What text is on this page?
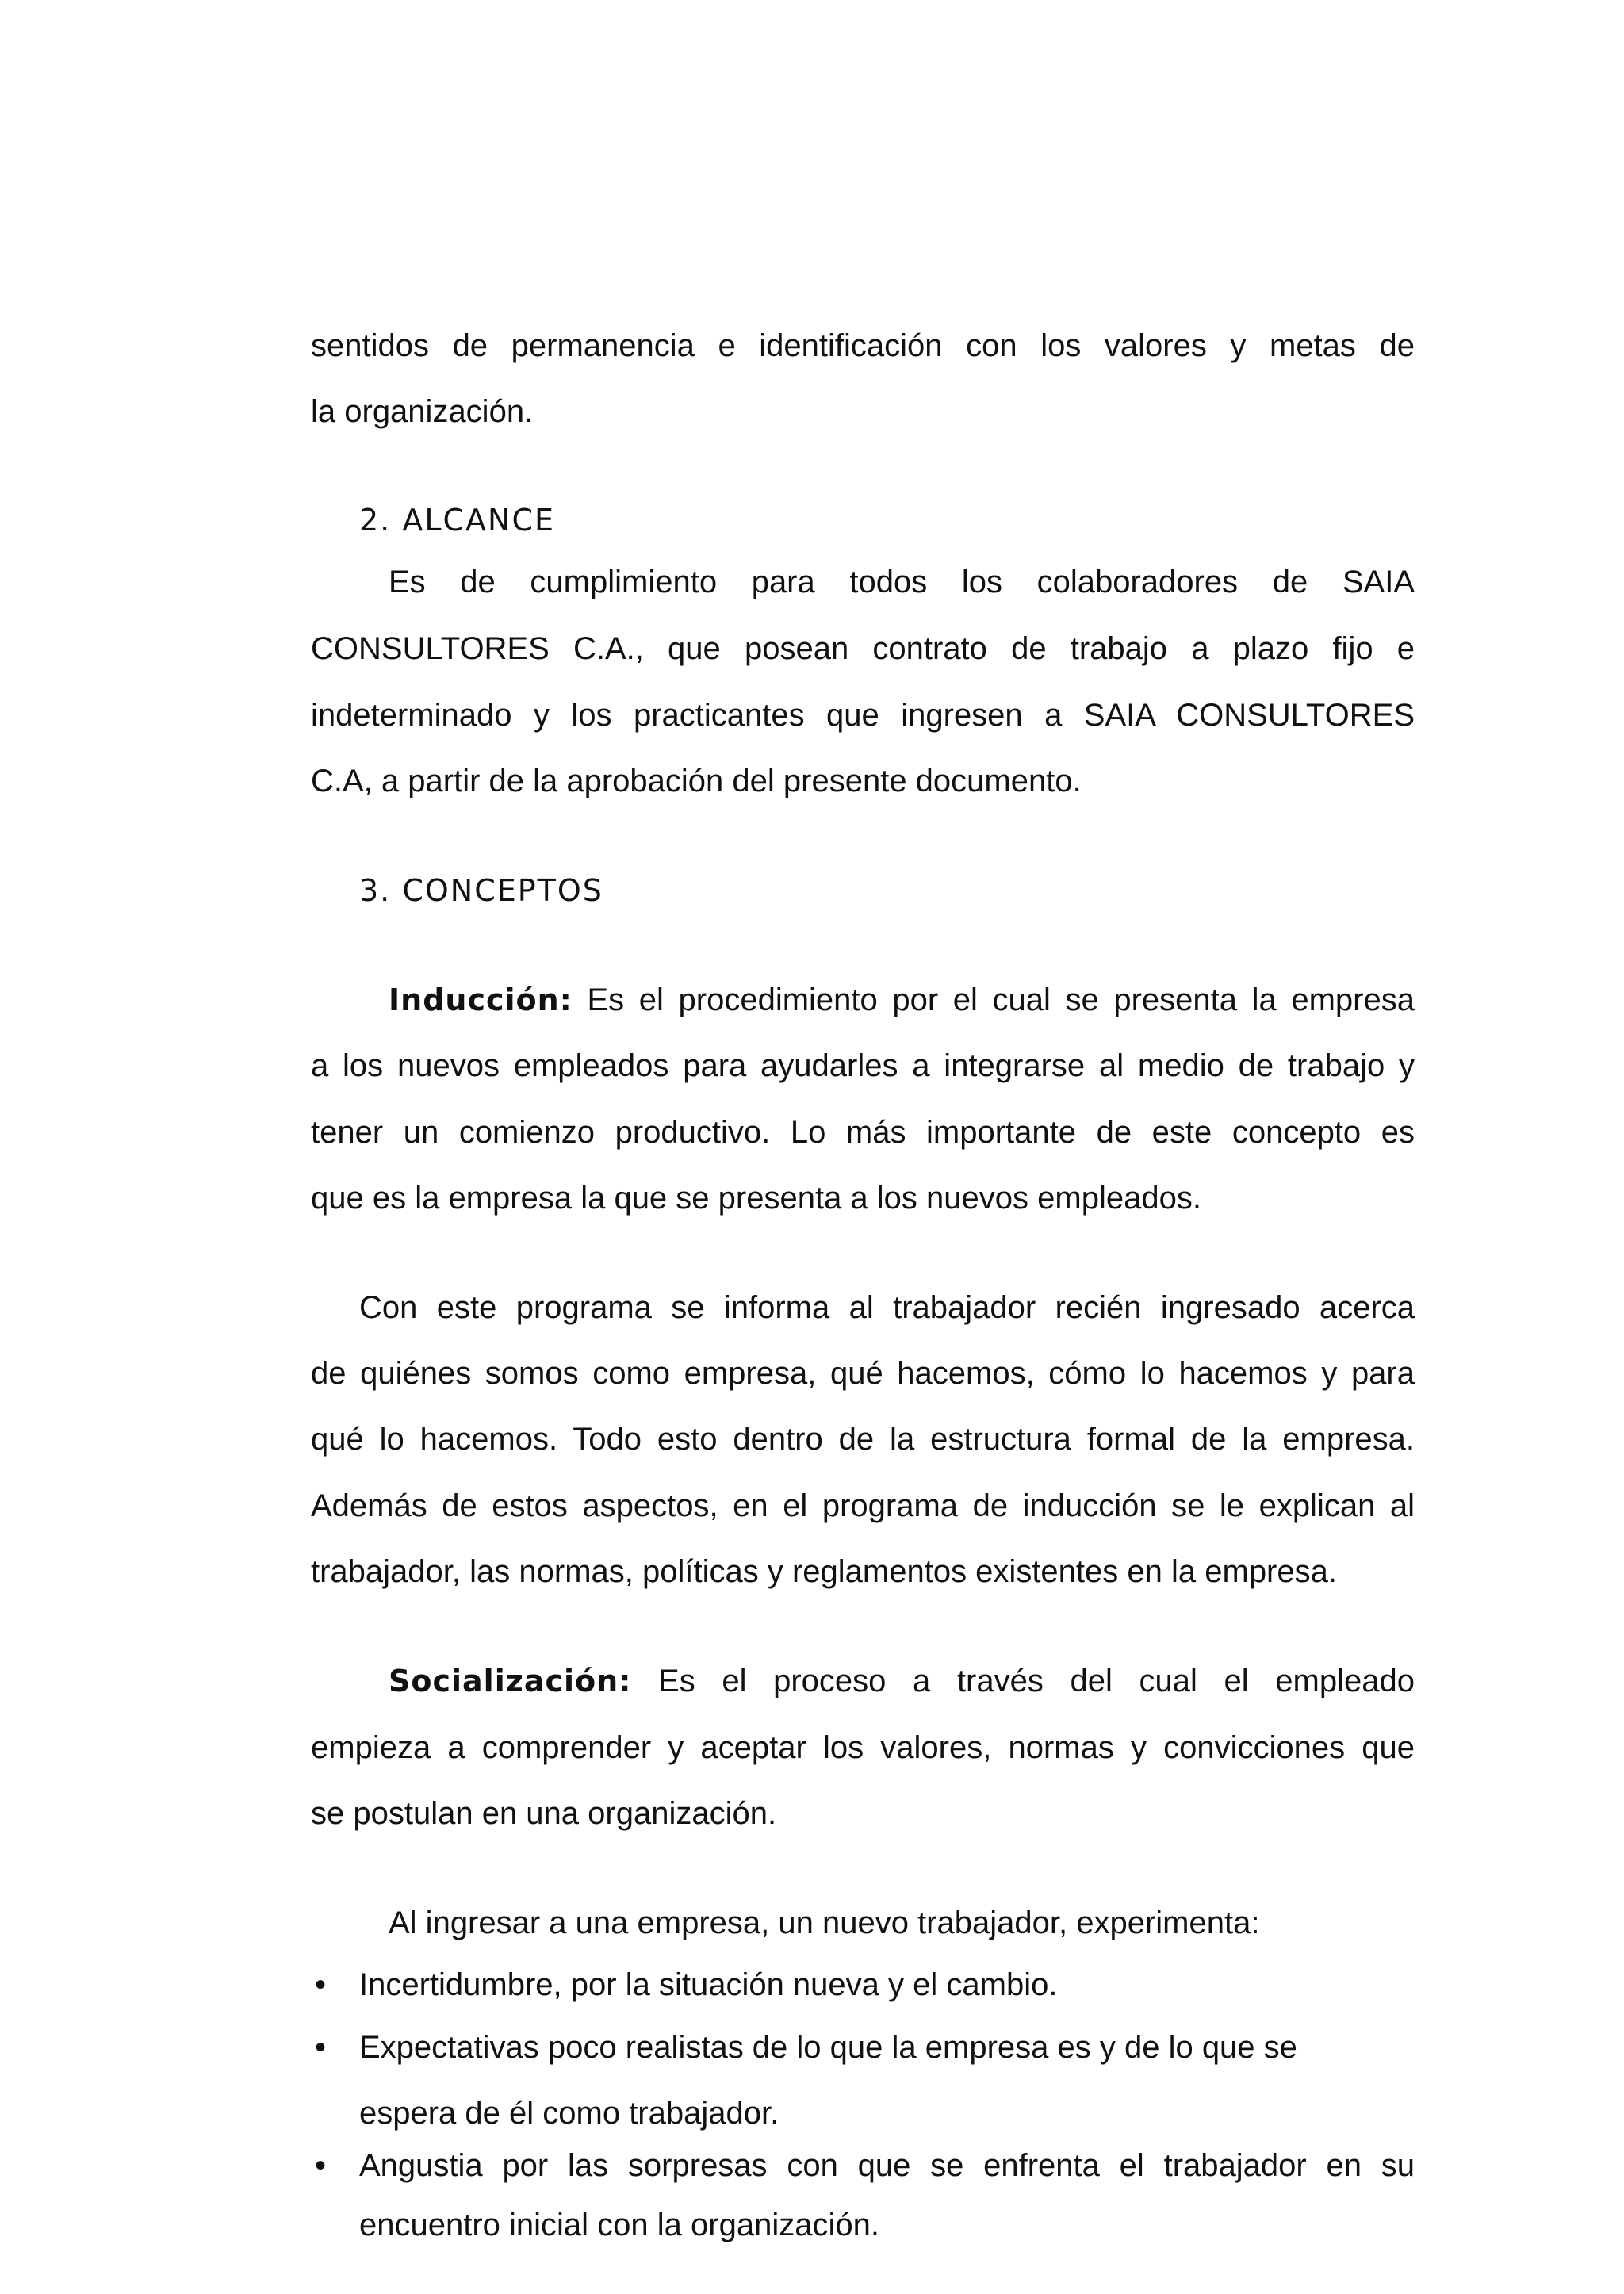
sentidos de permanencia e identificación con los valores y metas de
la organización.
2. ALCANCE
Es de cumplimiento para todos los colaboradores de SAIA
CONSULTORES C.A., que posean contrato de trabajo a plazo fijo e
indeterminado y los practicantes que ingresen a SAIA CONSULTORES
C.A, a partir de la aprobación del presente documento.
3. CONCEPTOS
Inducción: Es el procedimiento por el cual se presenta la empresa
a los nuevos empleados para ayudarles a integrarse al medio de trabajo y
tener un comienzo productivo. Lo más importante de este concepto es
que es la empresa la que se presenta a los nuevos empleados.
Con este programa se informa al trabajador recién ingresado acerca
de quiénes somos como empresa, qué hacemos, cómo lo hacemos y para
qué lo hacemos. Todo esto dentro de la estructura formal de la empresa.
Además de estos aspectos, en el programa de inducción se le explican al
trabajador, las normas, políticas y reglamentos existentes en la empresa.
Socialización: Es el proceso a través del cual el empleado
empieza a comprender y aceptar los valores, normas y convicciones que
se postulan en una organización.
Al ingresar a una empresa, un nuevo trabajador, experimenta:
• Incertidumbre, por la situación nueva y el cambio.
• Expectativas poco realistas de lo que la empresa es y de lo que se
espera de él como trabajador.
• Angustia por las sorpresas con que se enfrenta el trabajador en su
encuentro inicial con la organización.
